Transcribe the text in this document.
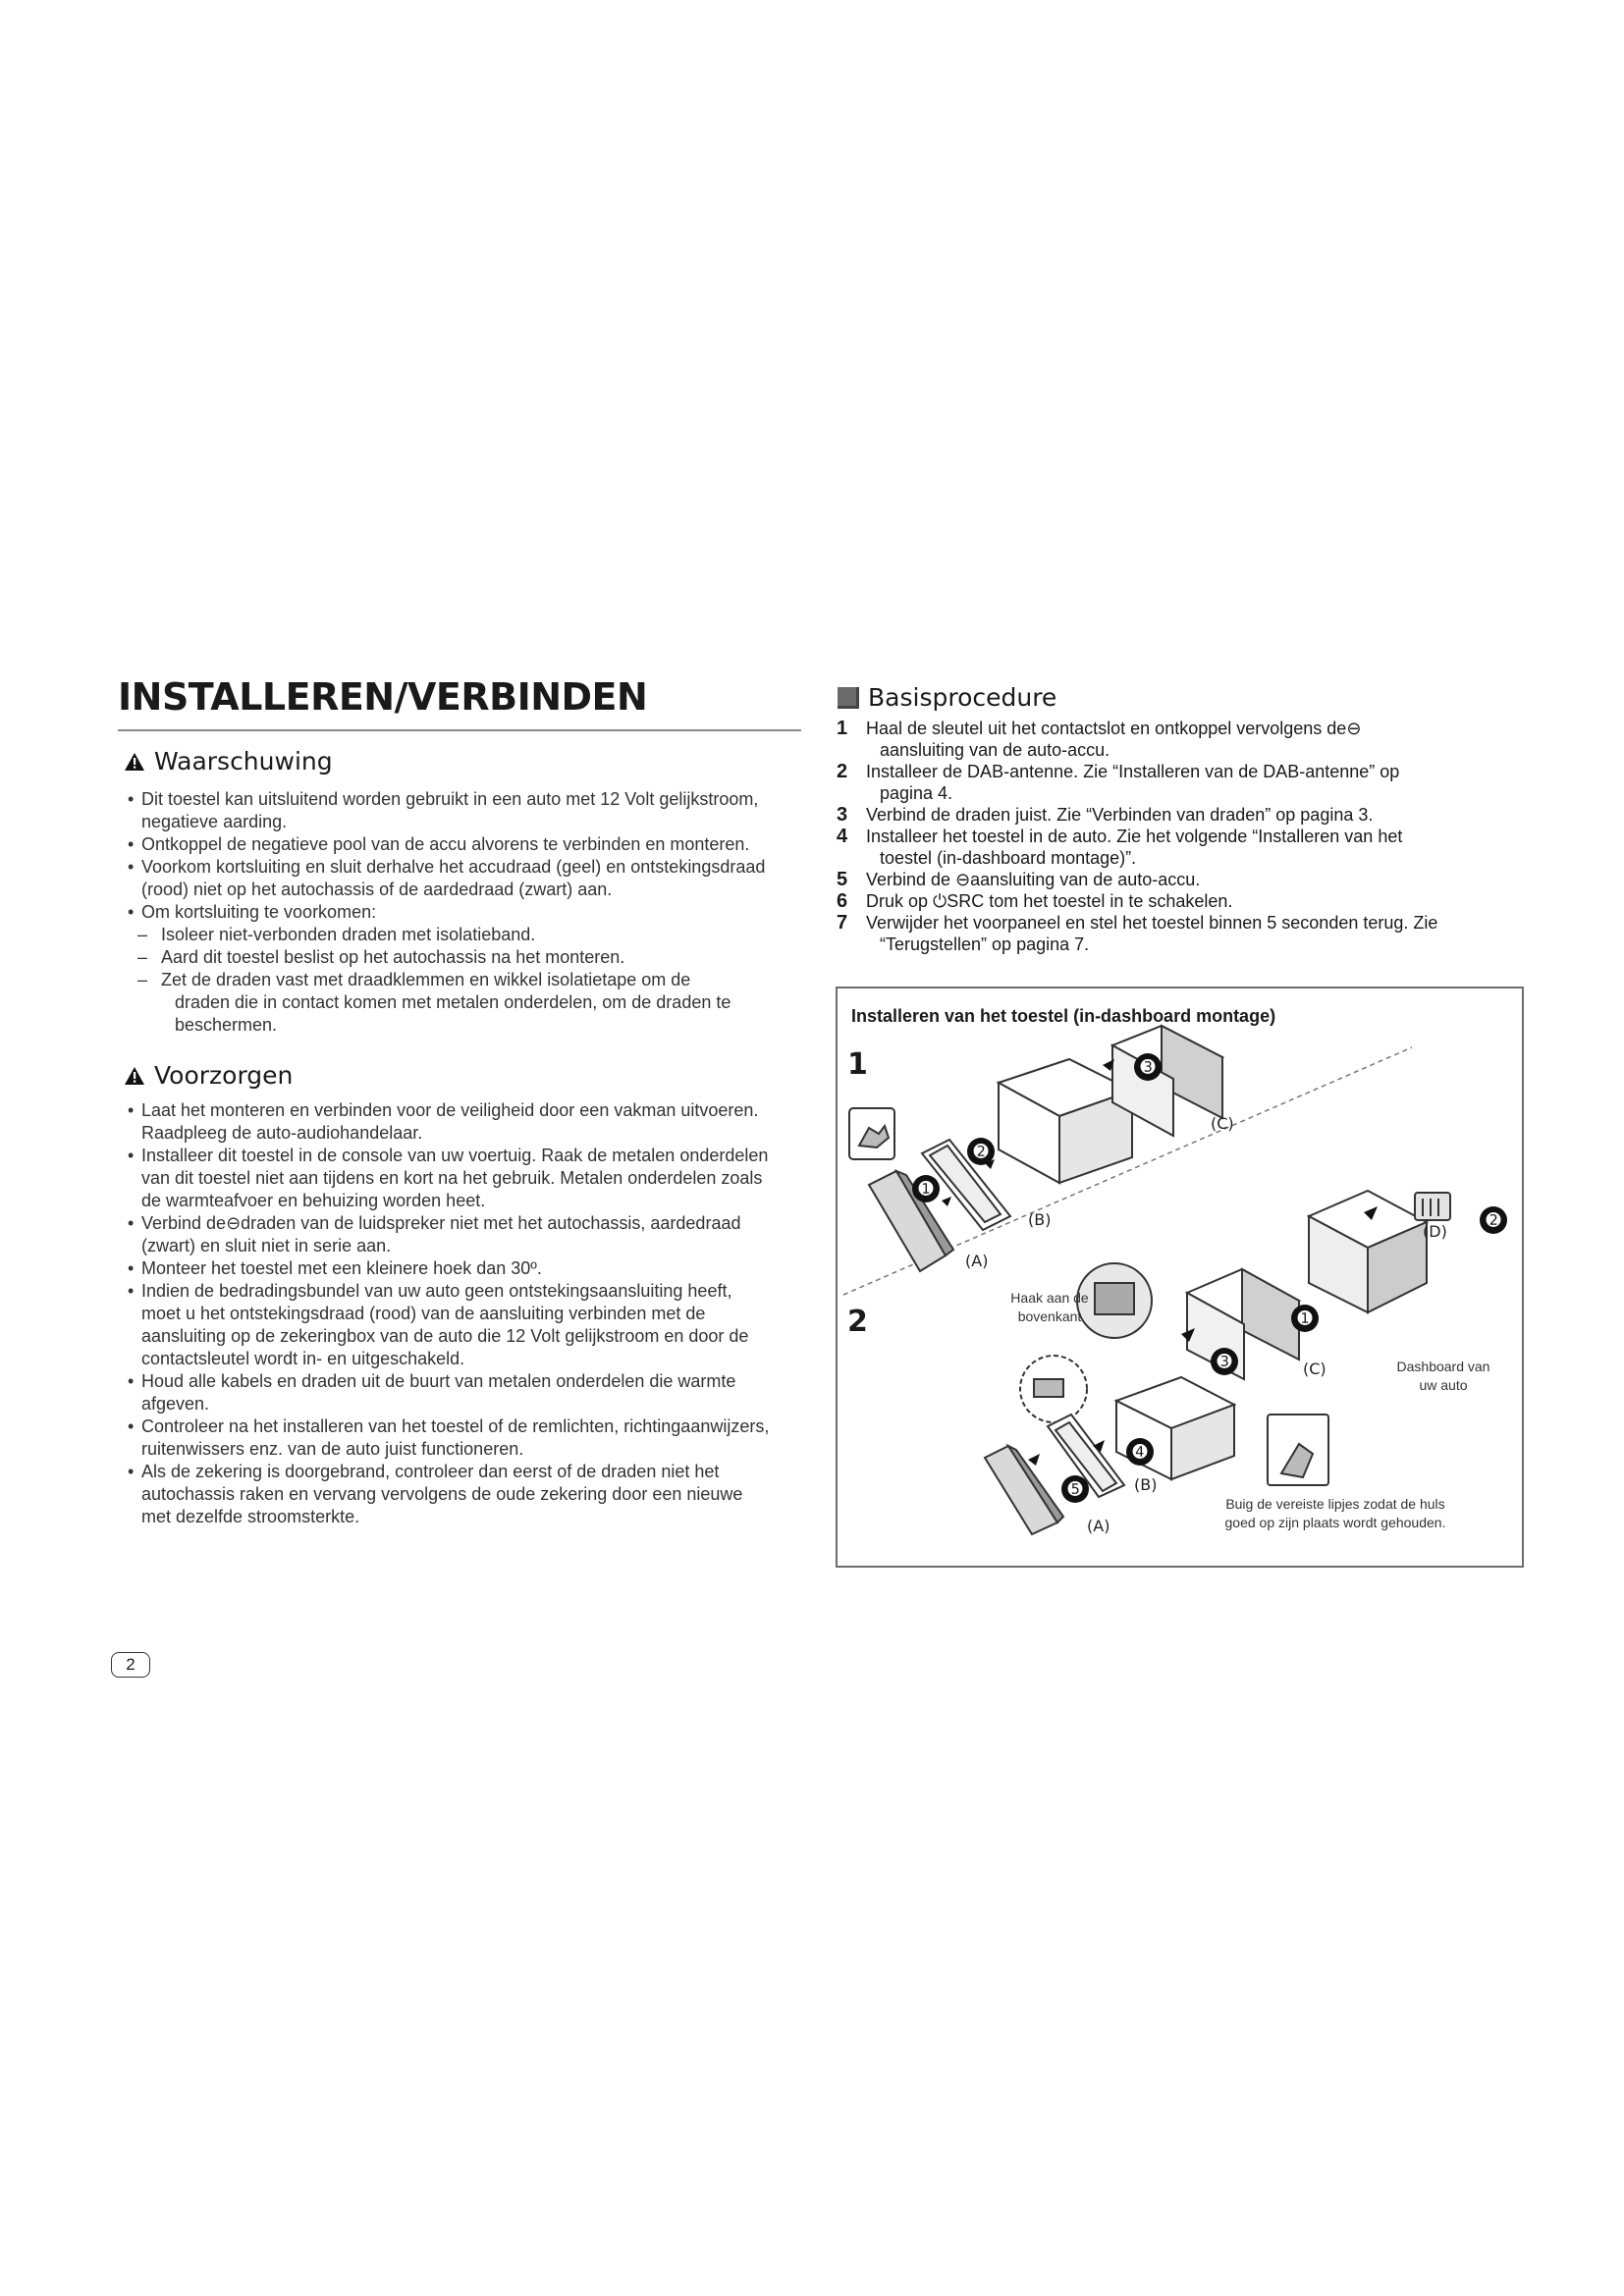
INSTALLEREN/VERBINDEN
Waarschuwing
• Dit toestel kan uitsluitend worden gebruikt in een auto met 12 Volt gelijkstroom,
negatieve aarding.
• Ontkoppel de negatieve pool van de accu alvorens te verbinden en monteren.
• Voorkom kortsluiting en sluit derhalve het accudraad (geel) en ontstekingsdraad
(rood) niet op het autochassis of de aardedraad (zwart) aan.
• Om kortsluiting te voorkomen:
– Isoleer niet-verbonden draden met isolatieband.
– Aard dit toestel beslist op het autochassis na het monteren.
– Zet de draden vast met draadklemmen en wikkel isolatietape om de
draden die in contact komen met metalen onderdelen, om de draden te
beschermen.
Voorzorgen
• Laat het monteren en verbinden voor de veiligheid door een vakman uitvoeren.
Raadpleeg de auto-audiohandelaar.
• Installeer dit toestel in de console van uw voertuig. Raak de metalen onderdelen
van dit toestel niet aan tijdens en kort na het gebruik. Metalen onderdelen zoals
de warmteafvoer en behuizing worden heet.
• Verbind de⊖draden van de luidspreker niet met het autochassis, aardedraad
(zwart) en sluit niet in serie aan.
• Monteer het toestel met een kleinere hoek dan 30º.
• Indien de bedradingsbundel van uw auto geen ontstekingsaansluiting heeft,
moet u het ontstekingsdraad (rood) van de aansluiting verbinden met de
aansluiting op de zekeringbox van de auto die 12 Volt gelijkstroom en door de
contactsleutel wordt in- en uitgeschakeld.
• Houd alle kabels en draden uit de buurt van metalen onderdelen die warmte
afgeven.
• Controleer na het installeren van het toestel of de remlichten, richtingaanwijzers,
ruitenwissers enz. van de auto juist functioneren.
• Als de zekering is doorgebrand, controleer dan eerst of de draden niet het
autochassis raken en vervang vervolgens de oude zekering door een nieuwe
met dezelfde stroomsterkte.
Basisprocedure
1 Haal de sleutel uit het contactslot en ontkoppel vervolgens de⊖
aansluiting van de auto-accu.
2 Installeer de DAB-antenne. Zie “Installeren van de DAB-antenne” op
pagina 4.
3 Verbind de draden juist. Zie “Verbinden van draden” op pagina 3.
4 Installeer het toestel in de auto. Zie het volgende “Installeren van het
toestel (in-dashboard montage)”.
5 Verbind de ⊖aansluiting van de auto-accu.
6 Druk op ⏻SRC tom het toestel in te schakelen.
7 Verwijder het voorpaneel en stel het toestel binnen 5 seconden terug. Zie
“Terugstellen” op pagina 7.
Installeren van het toestel (in-dashboard montage)
1
2
(A)
(B)
(C)
(D)
(C)
(B)
(A)
➊
➋
➌
➋
➊
➌
➍
➎
Haak aan de
bovenkant
Dashboard van
uw auto
Buig de vereiste lipjes zodat de huls
goed op zijn plaats wordt gehouden.
2
